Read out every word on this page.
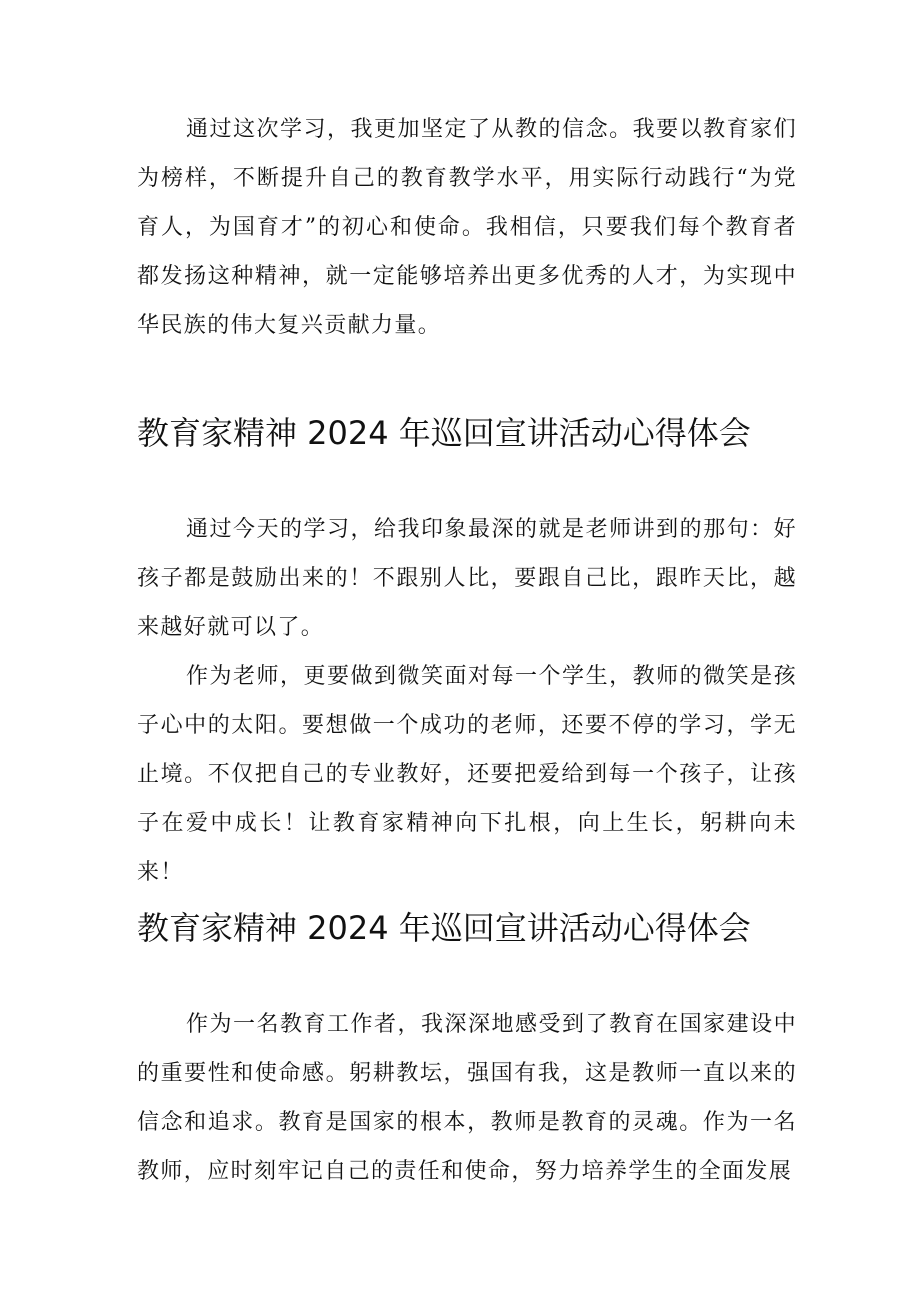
通过这次学习，我更加坚定了从教的信念。我要以教育家们为榜样，不断提升自己的教育教学水平，用实际行动践行“为党育人，为国育才”的初心和使命。我相信，只要我们每个教育者都发扬这种精神，就一定能够培养出更多优秀的人才，为实现中华民族的伟大复兴贡献力量。

教育家精神 2024 年巡回宣讲活动心得体会

通过今天的学习，给我印象最深的就是老师讲到的那句：好孩子都是鼓励出来的！不跟别人比，要跟自己比，跟昨天比，越来越好就可以了。

作为老师，更要做到微笑面对每一个学生，教师的微笑是孩子心中的太阳。要想做一个成功的老师，还要不停的学习，学无止境。不仅把自己的专业教好，还要把爱给到每一个孩子，让孩子在爱中成长！让教育家精神向下扎根，向上生长，躬耕向未来！

教育家精神 2024 年巡回宣讲活动心得体会

作为一名教育工作者，我深深地感受到了教育在国家建设中的重要性和使命感。躬耕教坛，强国有我，这是教师一直以来的信念和追求。教育是国家的根本，教师是教育的灵魂。作为一名教师，应时刻牢记自己的责任和使命，努力培养学生的全面发展
